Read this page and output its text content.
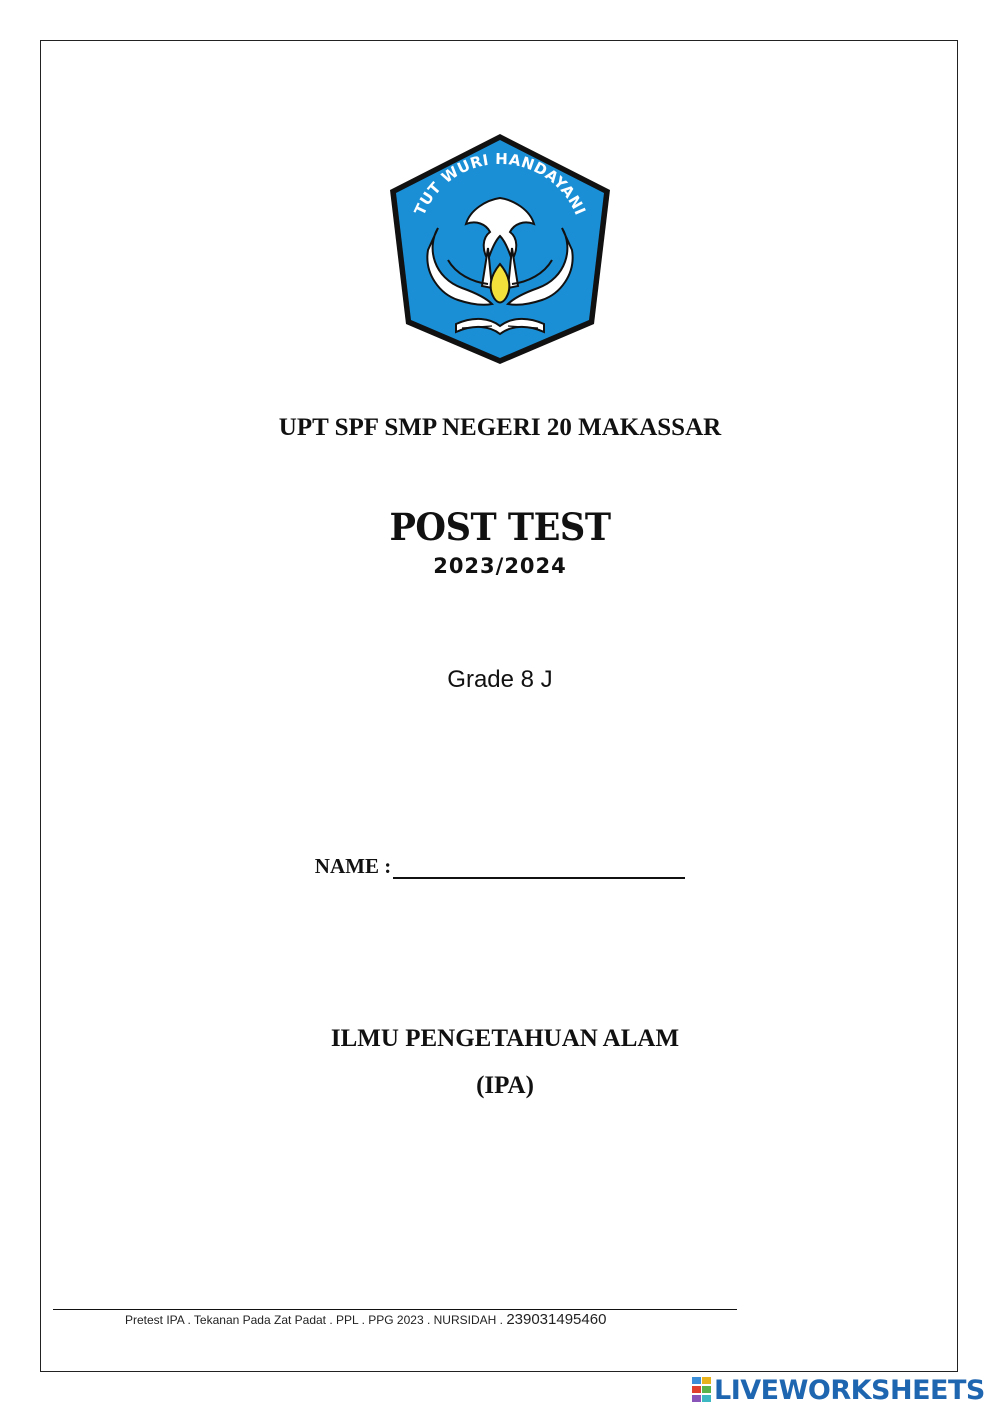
TUT WURI HANDAYANI
UPT SPF SMP NEGERI 20 MAKASSAR
POST TEST
2023/2024
Grade 8 J
NAME :
ILMU PENGETAHUAN ALAM
(IPA)
Pretest IPA . Tekanan Pada Zat Padat . PPL . PPG 2023 . NURSIDAH . 239031495460
LIVEWORKSHEETS
